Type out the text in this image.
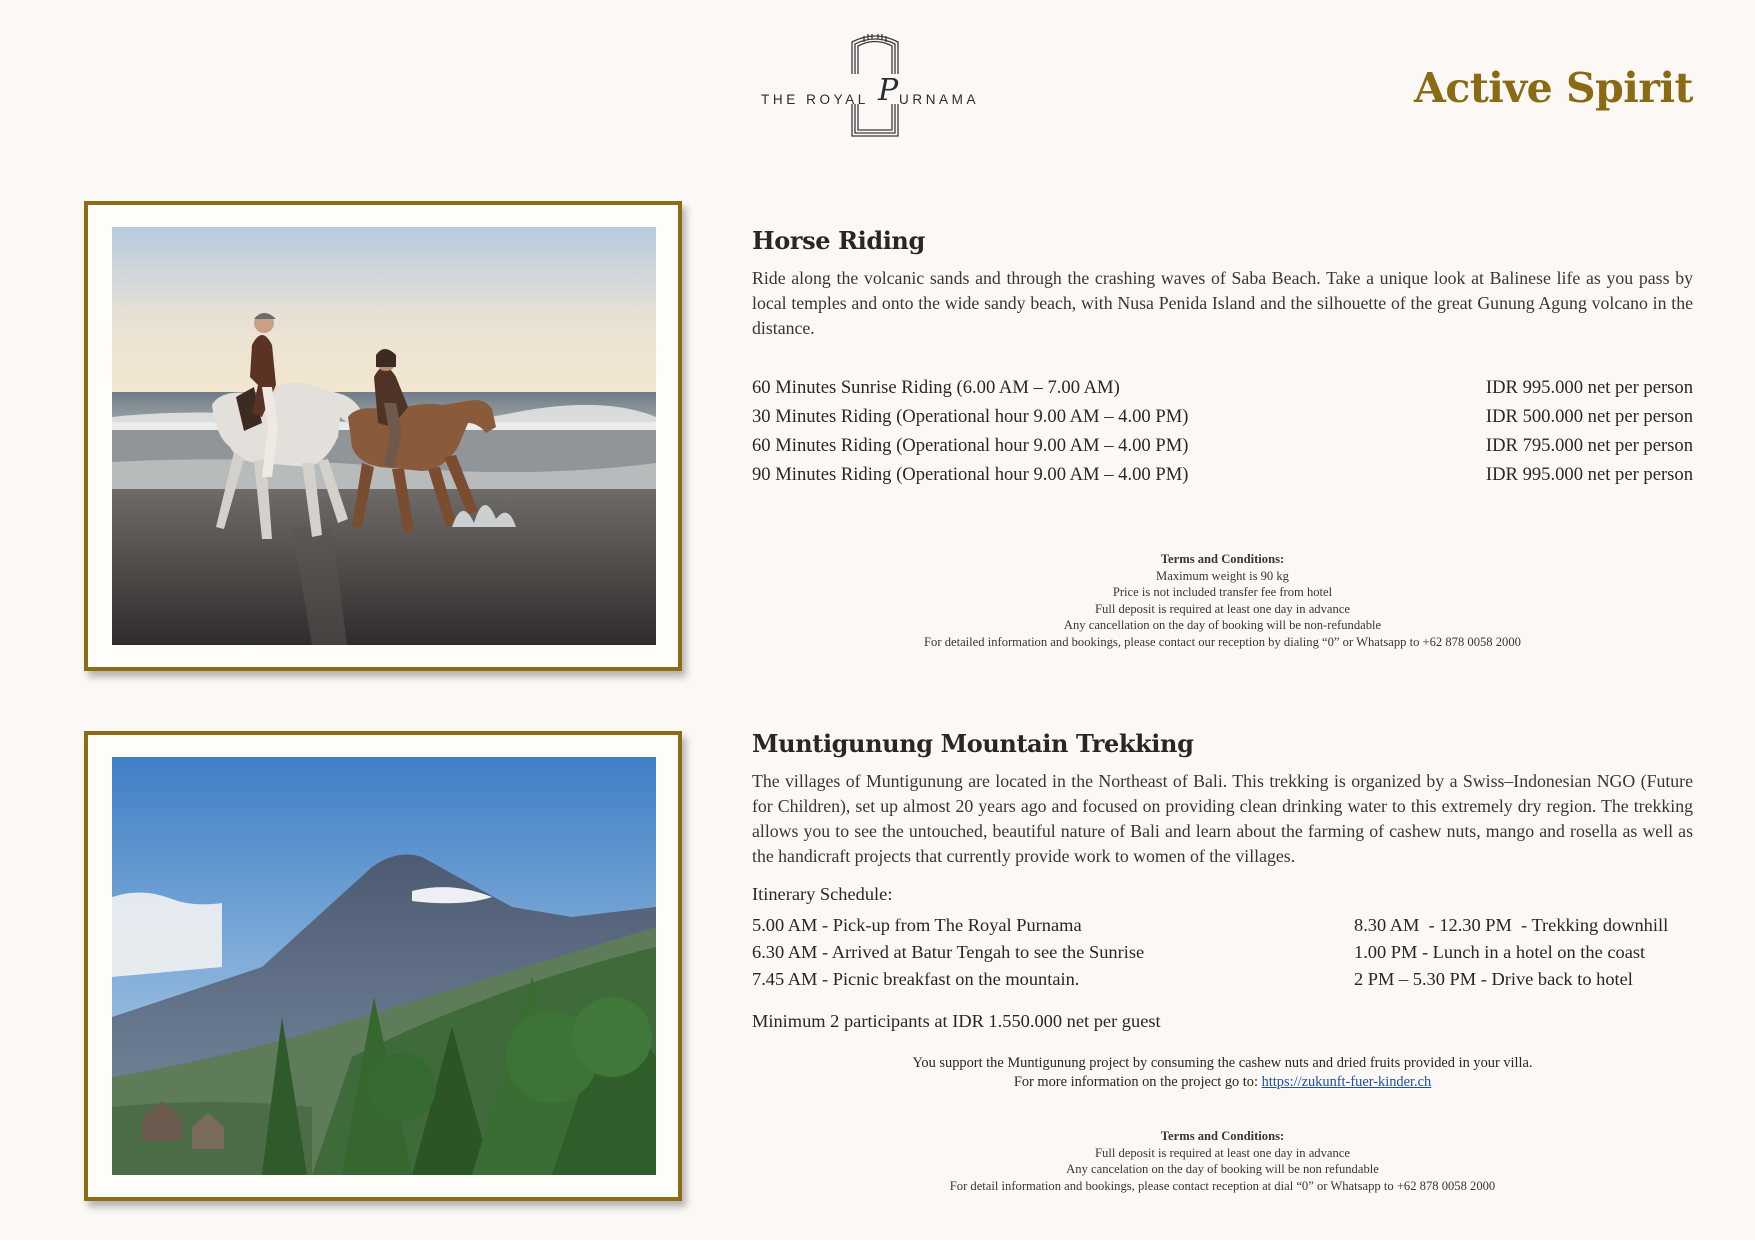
THE ROYAL P URNAMA	Active Spirit
Horse Riding
Ride along the volcanic sands and through the crashing waves of Saba Beach. Take a unique look at Balinese life as you pass by local temples and onto the wide sandy beach, with Nusa Penida Island and the silhouette of the great Gunung Agung volcano in the distance.
60 Minutes Sunrise Riding (6.00 AM – 7.00 AM)	IDR 995.000 net per person
30 Minutes Riding (Operational hour 9.00 AM – 4.00 PM)	IDR 500.000 net per person
60 Minutes Riding (Operational hour 9.00 AM – 4.00 PM)	IDR 795.000 net per person
90 Minutes Riding (Operational hour 9.00 AM – 4.00 PM)	IDR 995.000 net per person
Terms and Conditions:
Maximum weight is 90 kg
Price is not included transfer fee from hotel
Full deposit is required at least one day in advance
Any cancellation on the day of booking will be non-refundable
For detailed information and bookings, please contact our reception by dialing “0” or Whatsapp to +62 878 0058 2000
Muntigunung Mountain Trekking
The villages of Muntigunung are located in the Northeast of Bali. This trekking is organized by a Swiss–Indonesian NGO (Future for Children), set up almost 20 years ago and focused on providing clean drinking water to this extremely dry region. The trekking allows you to see the untouched, beautiful nature of Bali and learn about the farming of cashew nuts, mango and rosella as well as the handicraft projects that currently provide work to women of the villages.
Itinerary Schedule:
5.00 AM - Pick-up from The Royal Purnama
6.30 AM - Arrived at Batur Tengah to see the Sunrise
7.45 AM - Picnic breakfast on the mountain.
8.30 AM  - 12.30 PM  - Trekking downhill
1.00 PM - Lunch in a hotel on the coast
2 PM – 5.30 PM - Drive back to hotel
Minimum 2 participants at IDR 1.550.000 net per guest
You support the Muntigunung project by consuming the cashew nuts and dried fruits provided in your villa.
For more information on the project go to: https://zukunft-fuer-kinder.ch
Terms and Conditions:
Full deposit is required at least one day in advance
Any cancelation on the day of booking will be non refundable
For detail information and bookings, please contact reception at dial “0” or Whatsapp to +62 878 0058 2000
